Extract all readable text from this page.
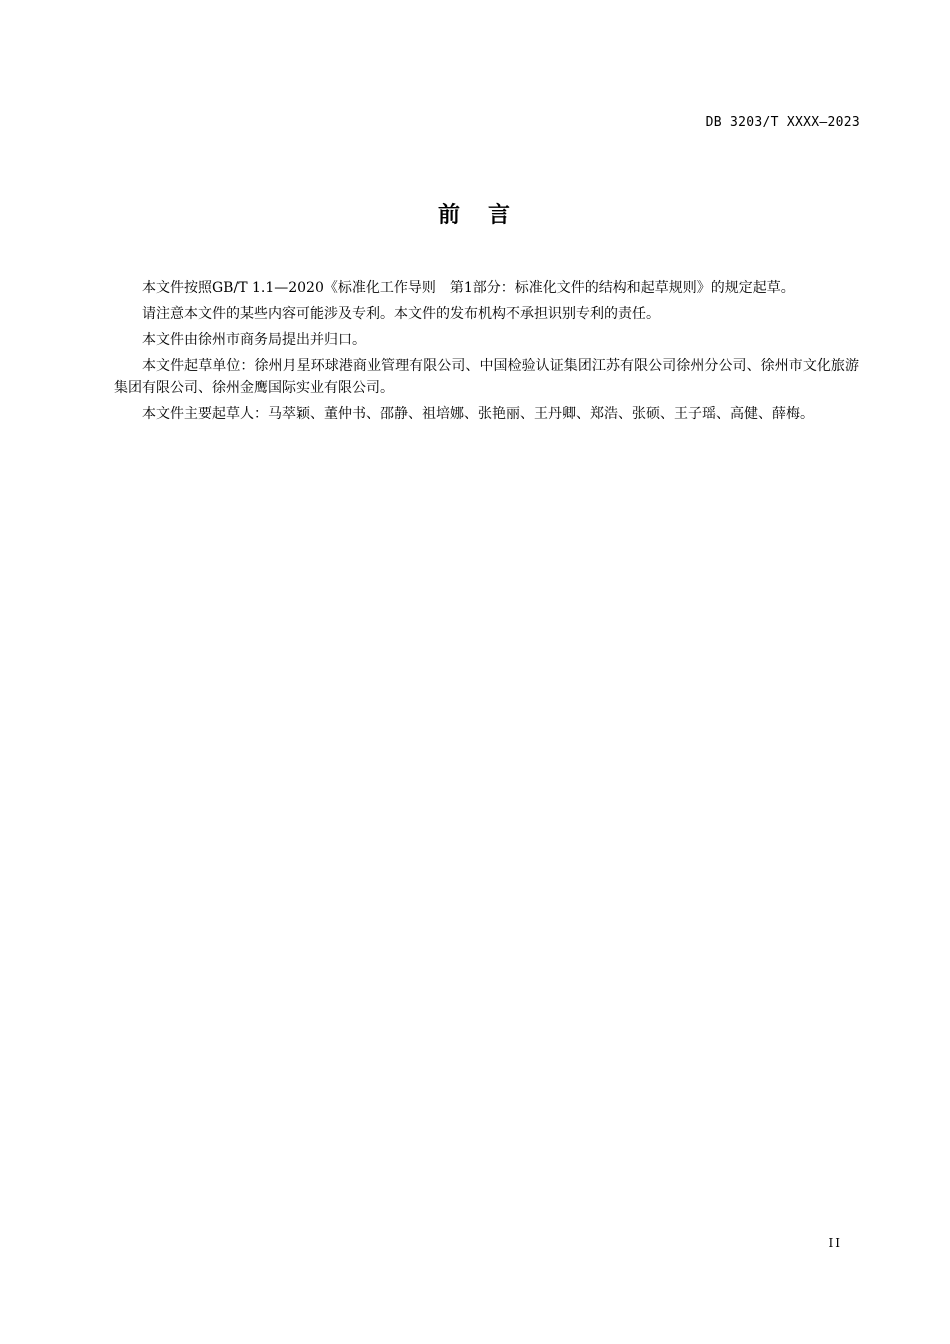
DB 3203/T XXXX—2023
前 言

本文件按照GB/T 1.1—2020《标准化工作导则　第1部分：标准化文件的结构和起草规则》的规定起草。

请注意本文件的某些内容可能涉及专利。本文件的发布机构不承担识别专利的责任。

本文件由徐州市商务局提出并归口。

本文件起草单位：徐州月星环球港商业管理有限公司、中国检验认证集团江苏有限公司徐州分公司、徐州市文化旅游集团有限公司、徐州金鹰国际实业有限公司。

本文件主要起草人：马萃颖、董仲书、邵静、祖培娜、张艳丽、王丹卿、郑浩、张硕、王子瑶、高健、薛梅。

II
